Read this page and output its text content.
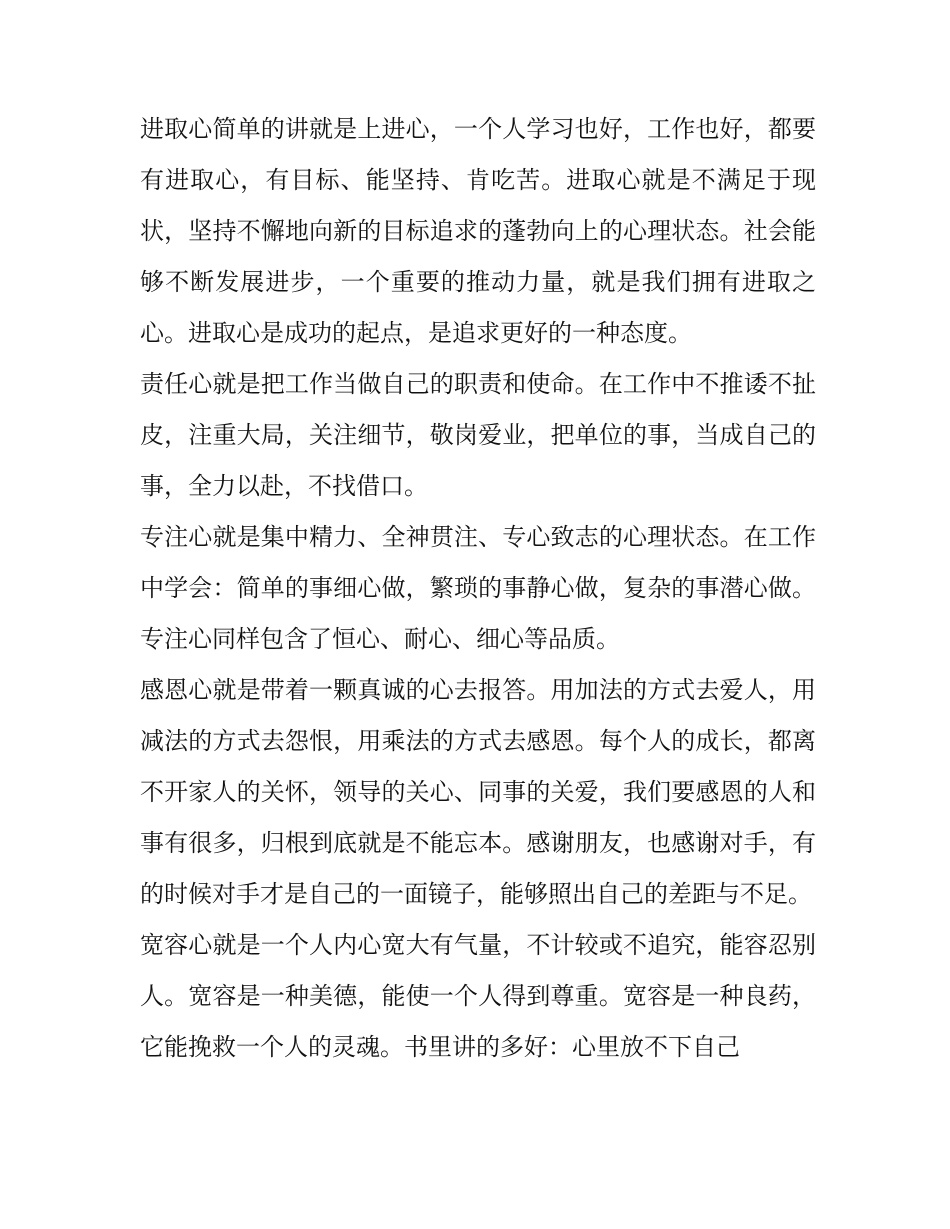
进取心简单的讲就是上进心，一个人学习也好，工作也好，都要有进取心，有目标、能坚持、肯吃苦。进取心就是不满足于现状，坚持不懈地向新的目标追求的蓬勃向上的心理状态。社会能够不断发展进步，一个重要的推动力量，就是我们拥有进取之心。进取心是成功的起点，是追求更好的一种态度。

责任心就是把工作当做自己的职责和使命。在工作中不推诿不扯皮，注重大局，关注细节，敬岗爱业，把单位的事，当成自己的事，全力以赴，不找借口。

专注心就是集中精力、全神贯注、专心致志的心理状态。在工作中学会：简单的事细心做，繁琐的事静心做，复杂的事潜心做。专注心同样包含了恒心、耐心、细心等品质。

感恩心就是带着一颗真诚的心去报答。用加法的方式去爱人，用减法的方式去怨恨，用乘法的方式去感恩。每个人的成长，都离不开家人的关怀，领导的关心、同事的关爱，我们要感恩的人和事有很多，归根到底就是不能忘本。感谢朋友，也感谢对手，有的时候对手才是自己的一面镜子，能够照出自己的差距与不足。

宽容心就是一个人内心宽大有气量，不计较或不追究，能容忍别人。宽容是一种美德，能使一个人得到尊重。宽容是一种良药，它能挽救一个人的灵魂。书里讲的多好：心里放不下自己
